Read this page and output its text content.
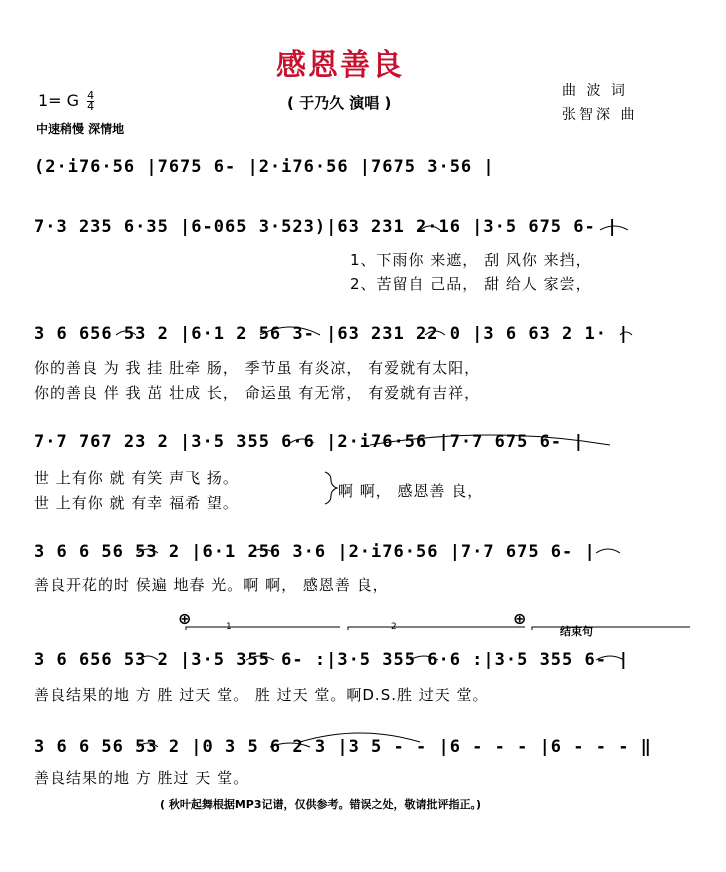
感恩善良
( 于乃久 演唱 )
1= G $\frac{4}{4}$
中速稍慢 深情地
曲 波 词
张智深 曲
(2·i76·56 |7675 6- |2·i76·56 |7675 3·56 |
7·3 235 6·35 |6-065 3·523)|63 231 2·16 |3·5 675 6- |
1、下雨你 来遮， 刮 风你 来挡，
2、苦留自 己品， 甜 给人 家尝，
3 6 656 53 2 |6·1 2 56 3- |63 231 22 0 |3 6 63 2 1· |
你的善良 为 我 挂 肚牵 肠， 季节虽 有炎凉， 有爱就有太阳，
你的善良 伴 我 茁 壮成 长， 命运虽 有无常， 有爱就有吉祥，
7·7 767 23 2 |3·5 355 6·6 |2·i76·56 |7·7 675 6- |
世 上有你 就 有笑 声飞 扬。
世 上有你 就 有幸 福希 望。
啊 啊， 感恩善 良，
3 6 6 56 53 2 |6·1 256 3·6 |2·i76·56 |7·7 675 6- |
善良开花的时 侯遍 地春 光。啊 啊， 感恩善 良，
⊕	⊕
1	2	结束句
3 6 656 53 2 |3·5 355 6- :|3·5 355 6·6 :|3·5 355 6- |
善良结果的地 方 胜 过天 堂。 胜 过天 堂。啊D.S.胜 过天 堂。
3 6 6 56 53 2 |0 3 5 6 2 3 |3 5 - - |6 - - - |6 - - - ‖
善良结果的地 方 胜过 天 堂。
( 秋叶起舞根据MP3记谱，仅供参考。错误之处，敬请批评指正。)
